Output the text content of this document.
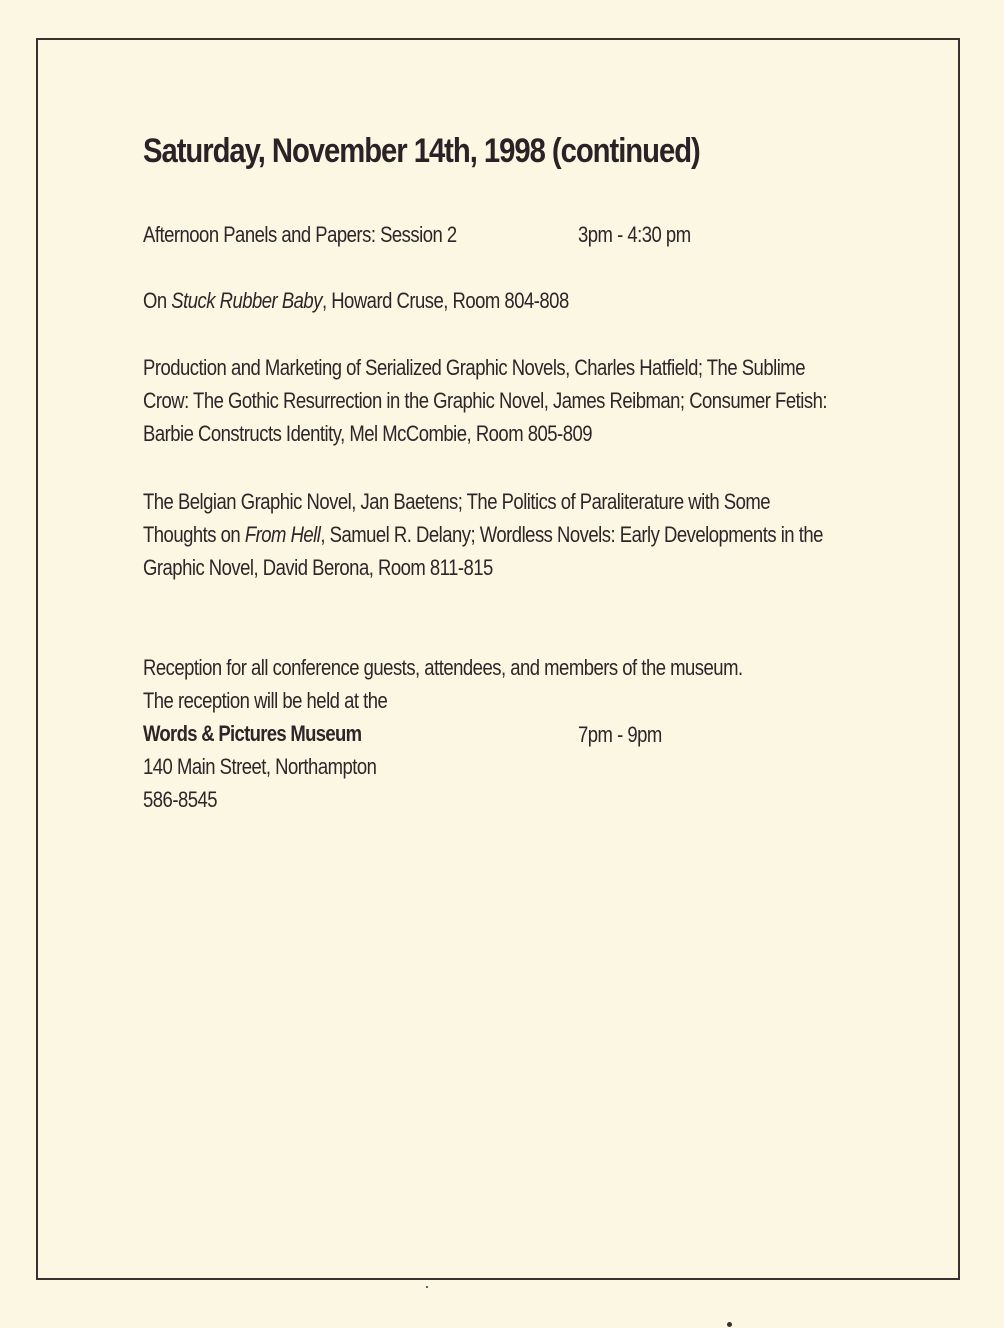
Saturday, November 14th, 1998 (continued)
Afternoon Panels and Papers: Session 2	3pm - 4:30 pm
On Stuck Rubber Baby, Howard Cruse, Room 804-808
Production and Marketing of Serialized Graphic Novels, Charles Hatfield; The Sublime
Crow: The Gothic Resurrection in the Graphic Novel, James Reibman; Consumer Fetish:
Barbie Constructs Identity, Mel McCombie, Room 805-809
The Belgian Graphic Novel, Jan Baetens; The Politics of Paraliterature with Some
Thoughts on From Hell, Samuel R. Delany; Wordless Novels: Early Developments in the
Graphic Novel, David Berona, Room 811-815
Reception for all conference guests, attendees, and members of the museum.
The reception will be held at the
Words & Pictures Museum	7pm - 9pm
140 Main Street, Northampton
586-8545
